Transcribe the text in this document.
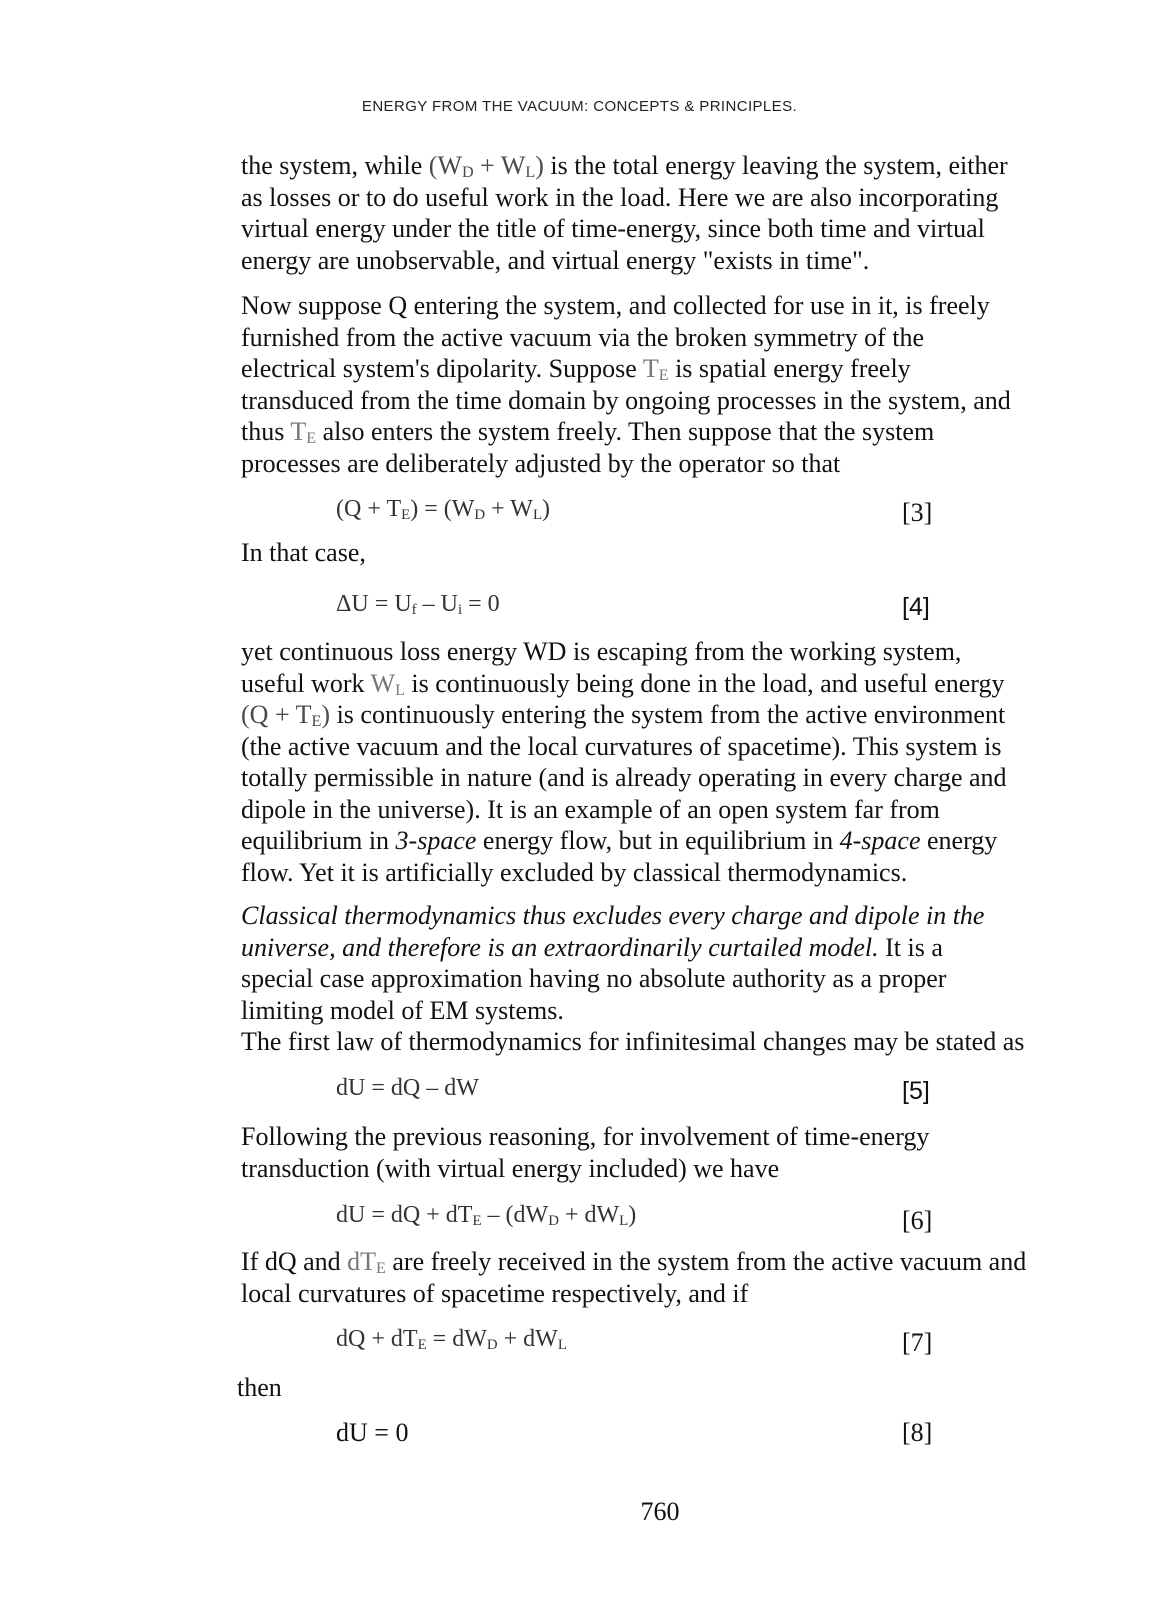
ENERGY FROM THE VACUUM: CONCEPTS & PRINCIPLES.
the system, while $(W_D + W_L)$ is the total energy leaving the system, either
as losses or to do useful work in the load. Here we are also incorporating
virtual energy under the title of time-energy, since both time and virtual
energy are unobservable, and virtual energy "exists in time".
Now suppose Q entering the system, and collected for use in it, is freely
furnished from the active vacuum via the broken symmetry of the
electrical system's dipolarity. Suppose $T_E$ is spatial energy freely
transduced from the time domain by ongoing processes in the system, and
thus $T_E$ also enters the system freely. Then suppose that the system
processes are deliberately adjusted by the operator so that
$(Q + T_E) = (W_D + W_L)$	[3]
In that case,
$\Delta U = U_f - U_i = 0$	[4]
yet continuous loss energy WD is escaping from the working system,
useful work $W_L$ is continuously being done in the load, and useful energy
$(Q + T_E)$ is continuously entering the system from the active environment
(the active vacuum and the local curvatures of spacetime). This system is
totally permissible in nature (and is already operating in every charge and
dipole in the universe). It is an example of an open system far from
equilibrium in 3-space energy flow, but in equilibrium in 4-space energy
flow. Yet it is artificially excluded by classical thermodynamics.
Classical thermodynamics thus excludes every charge and dipole in the
universe, and therefore is an extraordinarily curtailed model. It is a
special case approximation having no absolute authority as a proper
limiting model of EM systems.
The first law of thermodynamics for infinitesimal changes may be stated as
dU = dQ – dW	[5]
Following the previous reasoning, for involvement of time-energy
transduction (with virtual energy included) we have
dU = dQ + $dT_E - (dW_D + dW_L)$	[6]
If dQ and $dT_E$ are freely received in the system from the active vacuum and
local curvatures of spacetime respectively, and if
dQ + $dT_E = dW_D + dW_L$	[7]
then
dU = 0	[8]
760
